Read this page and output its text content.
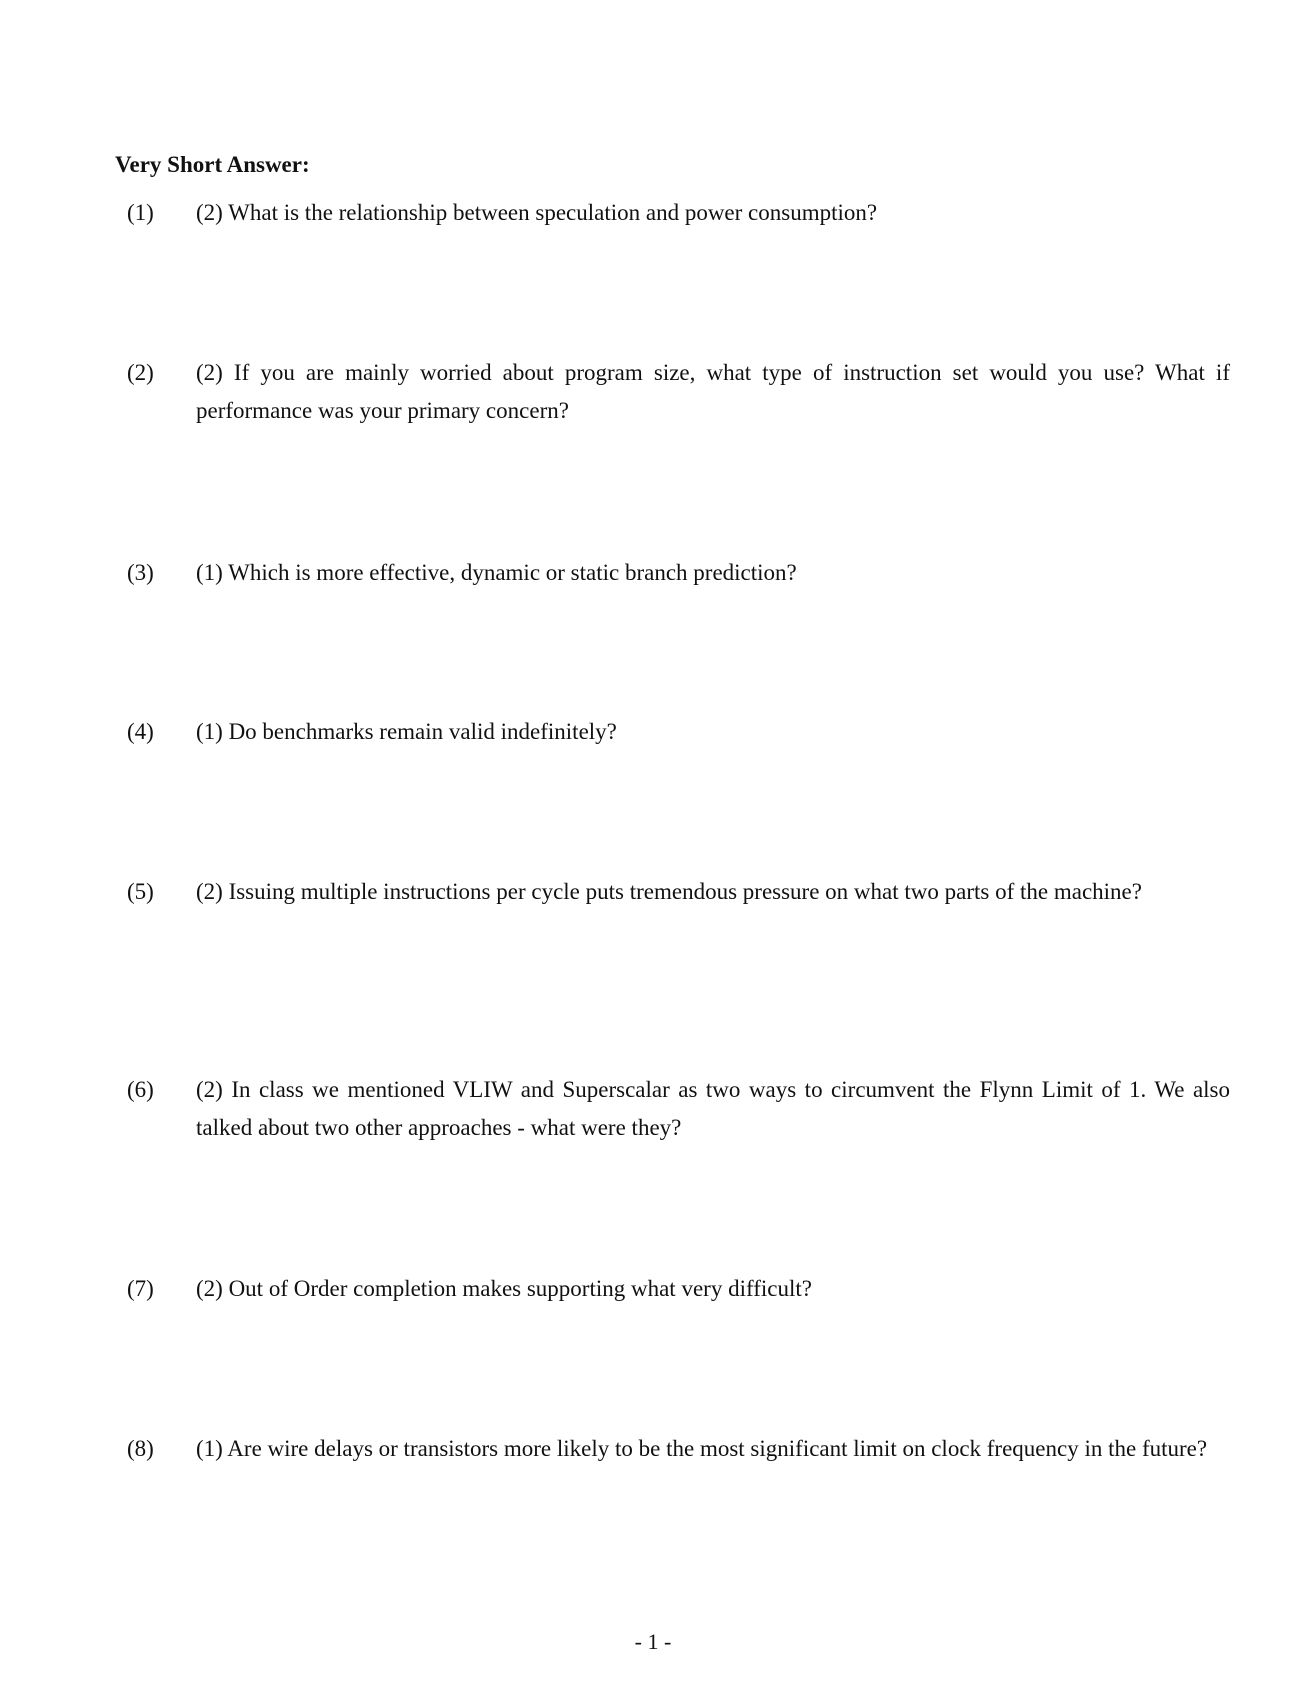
Very Short Answer:
(1) (2) What is the relationship between speculation and power consumption?
(2) (2) If you are mainly worried about program size, what type of instruction set would you use? What if performance was your primary concern?
(3) (1) Which is more effective, dynamic or static branch prediction?
(4) (1) Do benchmarks remain valid indefinitely?
(5) (2) Issuing multiple instructions per cycle puts tremendous pressure on what two parts of the machine?
(6) (2) In class we mentioned VLIW and Superscalar as two ways to circumvent the Flynn Limit of 1. We also talked about two other approaches - what were they?
(7) (2) Out of Order completion makes supporting what very difficult?
(8) (1) Are wire delays or transistors more likely to be the most significant limit on clock frequency in the future?
- 1 -
